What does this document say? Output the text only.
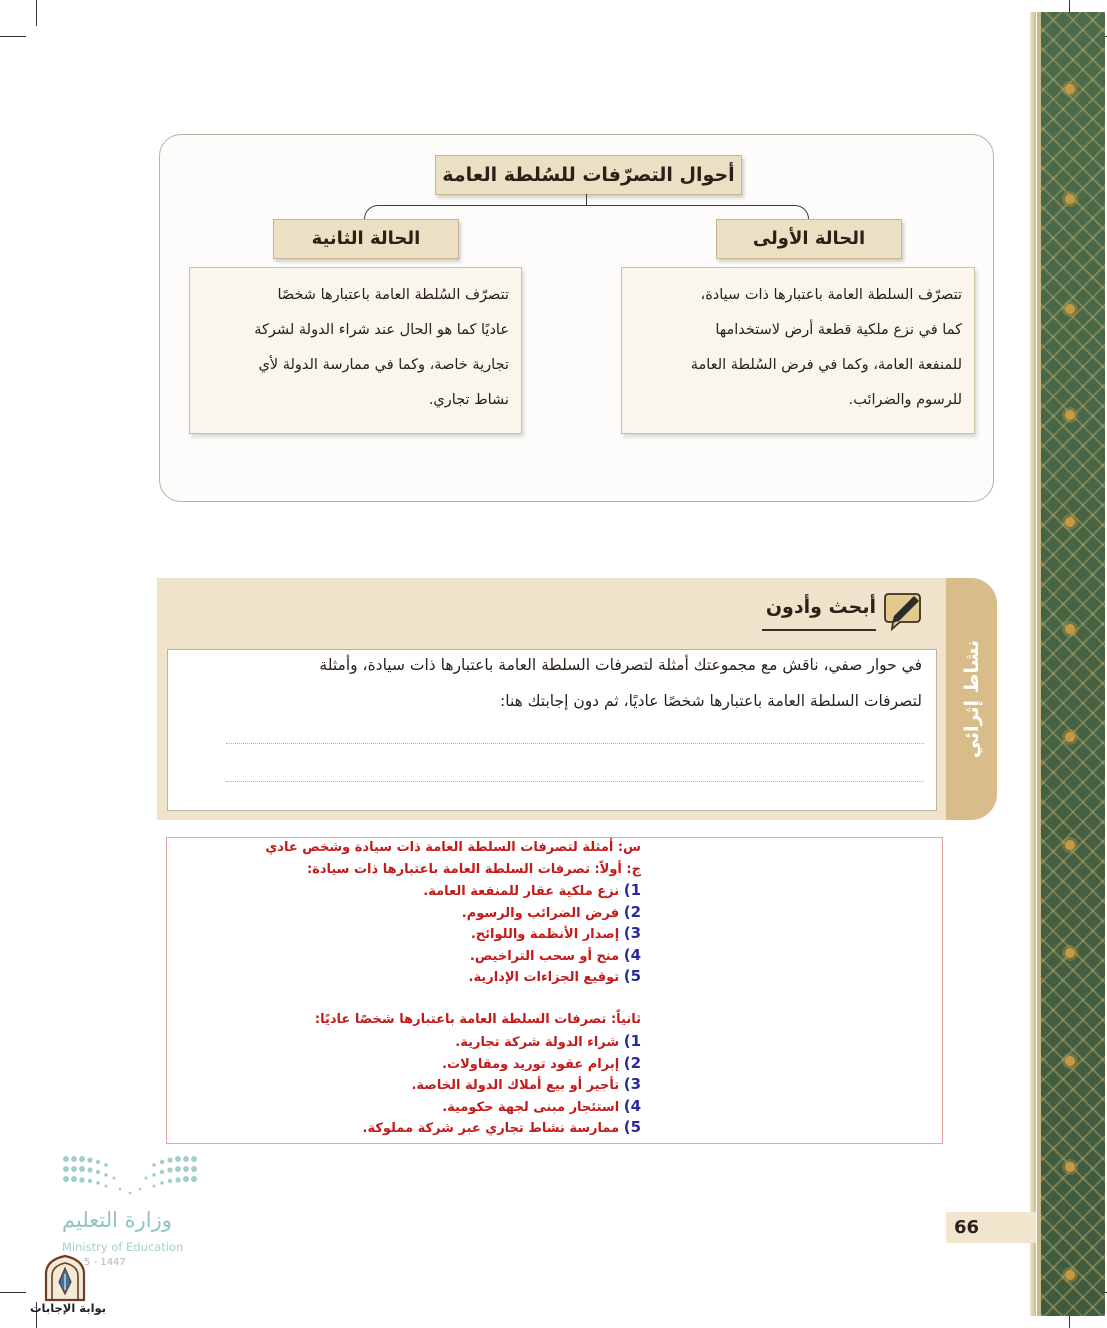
أحوال التصرّفات للسُلطة العامة
الحالة الأولى
الحالة الثانية
تتصرّف السلطة العامة باعتبارها ذات سيادة،
كما في نزع ملكية قطعة أرض لاستخدامها
للمنفعة العامة، وكما في فرض السُلطة العامة
للرسوم والضرائب.
تتصرّف السُلطة العامة باعتبارها شخصًا
عاديًا كما هو الحال عند شراء الدولة لشركة
تجارية خاصة، وكما في ممارسة الدولة لأي
نشاط تجاري.
نشاط إثرائي
أبحث وأدون
في حوار صفي، ناقش مع مجموعتك أمثلة لتصرفات السلطة العامة باعتبارها ذات سيادة، وأمثلة
لتصرفات السلطة العامة باعتبارها شخصًا عاديًا، ثم دون إجابتك هنا:
س: أمثلة لتصرفات السلطة العامة ذات سيادة وشخص عادي
ج: أولاً: تصرفات السلطة العامة باعتبارها ذات سيادة:
1) نزع ملكية عقار للمنفعة العامة.
2) فرض الضرائب والرسوم.
3) إصدار الأنظمة واللوائح.
4) منح أو سحب التراخيص.
5) توقيع الجزاءات الإدارية.
ثانياً: تصرفات السلطة العامة باعتبارها شخصًا عاديًا:
1) شراء الدولة شركة تجارية.
2) إبرام عقود توريد ومقاولات.
3) تأجير أو بيع أملاك الدولة الخاصة.
4) استئجار مبنى لجهة حكومية.
5) ممارسة نشاط تجاري عبر شركة مملوكة.
66
وزارة التعليم
Ministry of Education
5 - 1447
بوابة الإجابات
